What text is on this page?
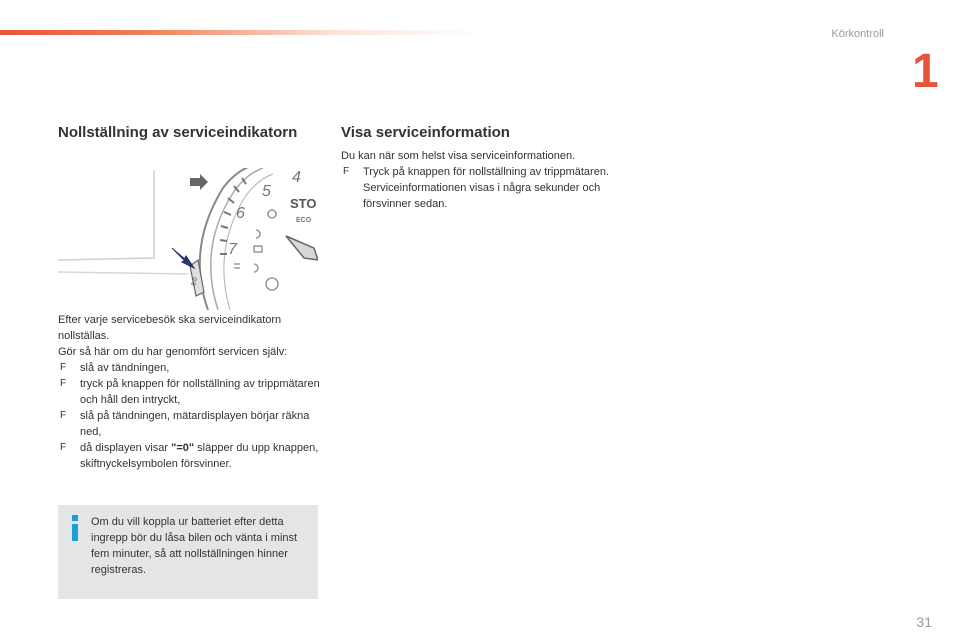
Körkontroll
1
Nollställning av serviceindikatorn	Visa serviceinformation
5
6
7
4
STO
ECO
0.0
Efter varje servicebesök ska serviceindikatorn nollställas.
Gör så här om du har genomfört servicen själv:
F slå av tändningen,
F tryck på knappen för nollställning av trippmätaren och håll den intryckt,
F slå på tändningen, mätardisplayen börjar räkna ned,
F då displayen visar "=0" släpper du upp knappen, skiftnyckelsymbolen försvinner.
Du kan när som helst visa serviceinformationen.
F Tryck på knappen för nollställning av trippmätaren.
Serviceinformationen visas i några sekunder och försvinner sedan.
Om du vill koppla ur batteriet efter detta ingrepp bör du låsa bilen och vänta i minst fem minuter, så att nollställningen hinner registreras.
31
